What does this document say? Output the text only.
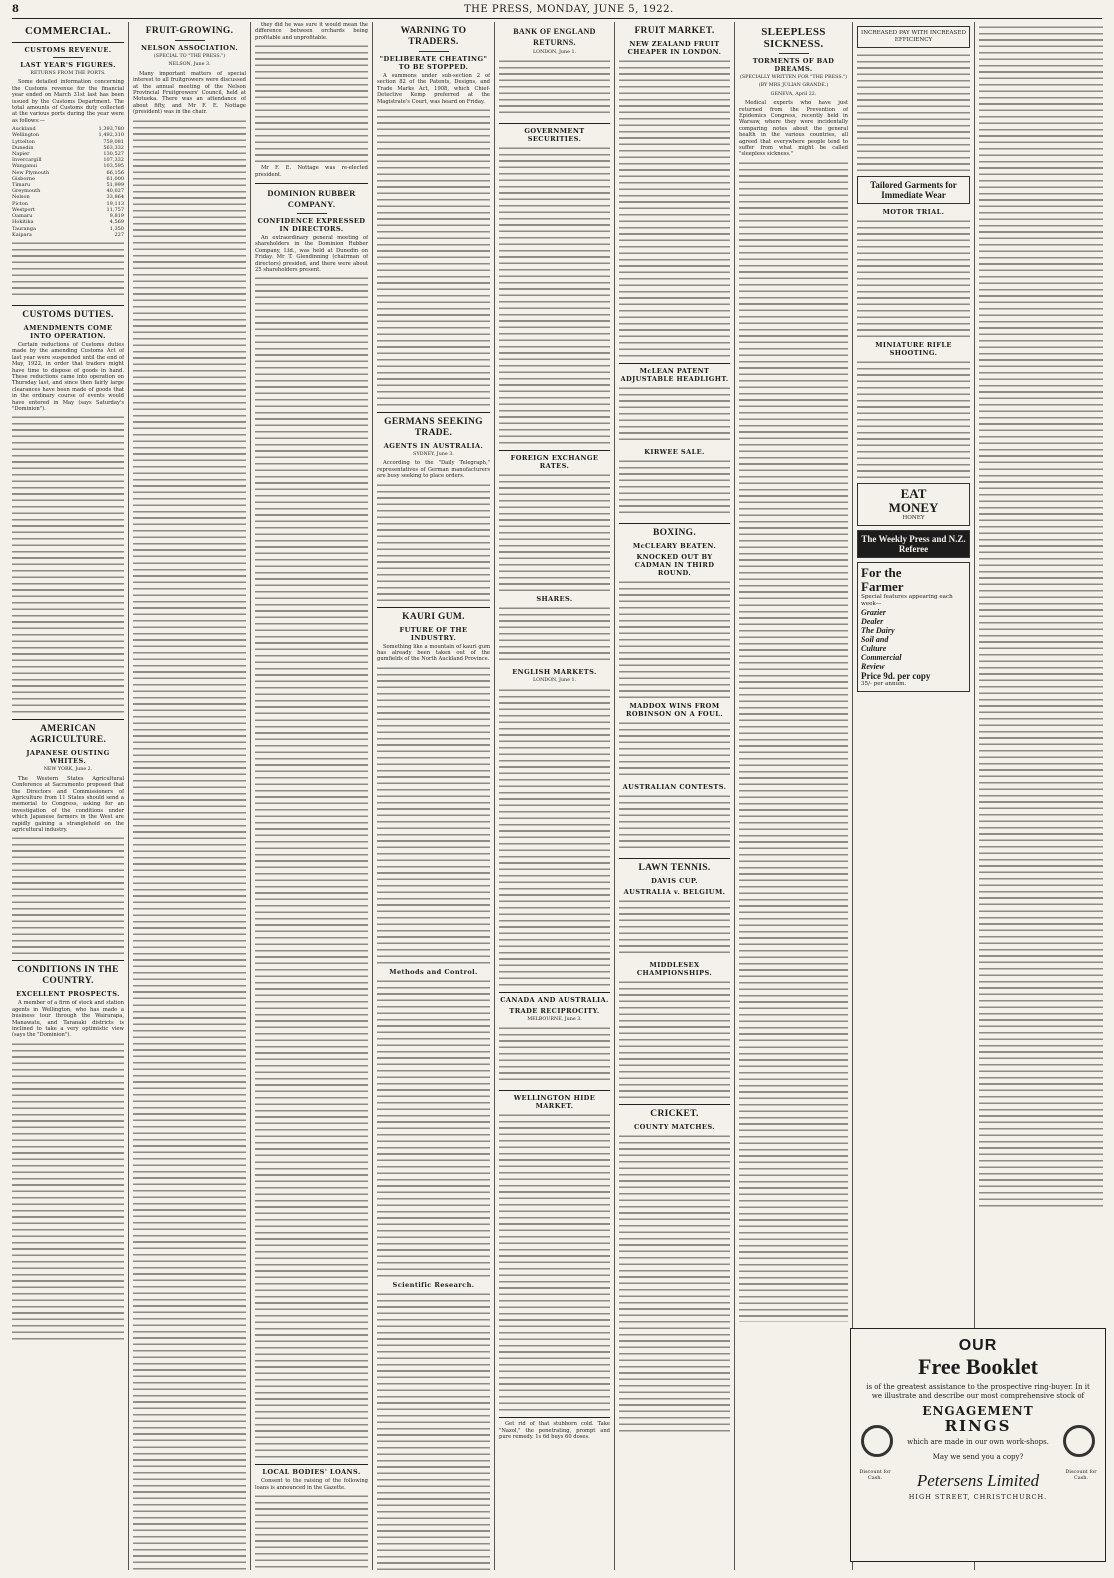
8	THE PRESS, MONDAY, JUNE 5, 1922.
COMMERCIAL.
CUSTOMS REVENUE.
LAST YEAR'S FIGURES.
RETURNS FROM THE PORTS.

Some detailed information concerning the Customs revenue for the financial year ended on March 31st last has been issued by the Customs Department. The total amounts of Customs duty collected at the various ports during the year were as follows:—

Auckland	1,393,780
Wellington	1,492,310
Lyttelton	759,081
Dunedin	563,332
Napier	130,527
Invercargill	107,332
Wanganui	103,595
New Plymouth	66,156
Gisborne	61,000
Timaru	51,999
Greymouth	40,027
Nelson	33,864
Picton	19,113
Westport	11,757
Oamaru	9,819
Hokitika	4,569
Tauranga	1,350
Kaipara	227
CUSTOMS DUTIES.
AMENDMENTS COME INTO OPERATION.

Certain reductions of Customs duties made by the amending Customs Act of last year were suspended until the end of May, 1922, in order that traders might have time to dispose of goods in hand. These reductions came into operation on Thursday last, and since then fairly large clearances have been made of goods that in the ordinary course of events would have entered in May (says Saturday's "Dominion").

AMERICAN AGRICULTURE.
JAPANESE OUSTING WHITES.
NEW YORK, June 2.

The Western States Agricultural Conference at Sacramento proposed that the Directors and Commissioners of Agriculture from 11 States should send a memorial to Congress, asking for an investigation of the conditions under which Japanese farmers in the West are rapidly gaining a stranglehold on the agricultural industry.

CONDITIONS IN THE COUNTRY.
EXCELLENT PROSPECTS.

A member of a firm of stock and station agents in Wellington, who has made a business tour through the Wairarapa, Manawatu, and Taranaki districts is inclined to take a very optimistic view (says the "Dominion").

FRUIT-GROWING.
NELSON ASSOCIATION.
(SPECIAL TO "THE PRESS.")
NELSON, June 3.

Many important matters of special interest to all fruitgrowers were discussed at the annual meeting of the Nelson Provincial Fruitgrowers' Council, held at Motueka. There was an attendance of about fifty, and Mr F. E. Nottage (president) was in the chair.

they did he was sure it would mean the difference between orchards being profitable and unprofitable.

Mr F. E. Nottage was re-elected president.

DOMINION RUBBER COMPANY.
CONFIDENCE EXPRESSED IN DIRECTORS.

An extraordinary general meeting of shareholders in the Dominion Rubber Company, Ltd., was held at Dunedin on Friday. Mr T. Glendinning (chairman of directors) presided, and there were about 25 shareholders present.

LOCAL BODIES' LOANS.

Consent to the raising of the following loans is announced in the Gazette.

WARNING TO TRADERS.
"DELIBERATE CHEATING" TO BE STOPPED.

A summons under sub-section 2 of section 82 of the Patents, Designs, and Trade Marks Act, 1908, which Chief-Detective Kemp preferred at the Magistrate's Court, was heard on Friday.

GERMANS SEEKING TRADE.
AGENTS IN AUSTRALIA.
SYDNEY, June 3.

According to the "Daily Telegraph," representatives of German manufacturers are busy seeking to place orders.

KAURI GUM.
FUTURE OF THE INDUSTRY.

Something like a mountain of kauri gum has already been taken out of the gumfields of the North Auckland Province.

Methods and Control.
Scientific Research.
BANK OF ENGLAND RETURNS.
LONDON, June 1.
GOVERNMENT SECURITIES.
FOREIGN EXCHANGE RATES.
SHARES.
ENGLISH MARKETS.
LONDON, June 1.
CANADA AND AUSTRALIA.
TRADE RECIPROCITY.
MELBOURNE, June 3.
WELLINGTON HIDE MARKET.

Get rid of that stubborn cold. Take "Nazol," the penetrating, prompt and pure remedy. 1s 6d buys 60 doses.

FRUIT MARKET.
NEW ZEALAND FRUIT CHEAPER IN LONDON.
McLEAN PATENT ADJUSTABLE HEADLIGHT.
KIRWEE SALE.
BOXING.
McCLEARY BEATEN.
KNOCKED OUT BY CADMAN IN THIRD ROUND.
MADDOX WINS FROM ROBINSON ON A FOUL.
AUSTRALIAN CONTESTS.
LAWN TENNIS.
DAVIS CUP.
AUSTRALIA v. BELGIUM.
MIDDLESEX CHAMPIONSHIPS.
CRICKET.
COUNTY MATCHES.
SLEEPLESS SICKNESS.
TORMENTS OF BAD DREAMS.
(SPECIALLY WRITTEN FOR "THE PRESS.")
(BY MRS JULIAN GRANDE.)
GENEVA, April 22.

Medical experts who have just returned from the Prevention of Epidemics Congress, recently held in Warsaw, where they were incidentally comparing notes about the general health in the various countries, all agreed that everywhere people tend to suffer from what might be called "sleepless sickness."

INCREASED PAY WITH INCREASED EFFICIENCY
Tailored Garments for Immediate Wear
MOTOR TRIAL.
MINIATURE RIFLE SHOOTING.
EAT
MONEY
HONEY
The Weekly Press and N.Z. Referee
For the
Farmer
Special features appearing each week—
Grazier
Dealer
The Dairy
Soil and
Culture
Commercial
Review
Price 9d. per copy
35/- per annum.
OUR
Free Booklet
is of the greatest assistance to the prospective ring-buyer. In it we illustrate and describe our most comprehensive stock of
ENGAGEMENT
RINGS
which are made in our own work-shops.
May we send you a copy?
Petersens Limited
HIGH STREET, CHRISTCHURCH.
Discount for Cash.
Discount for Cash.
